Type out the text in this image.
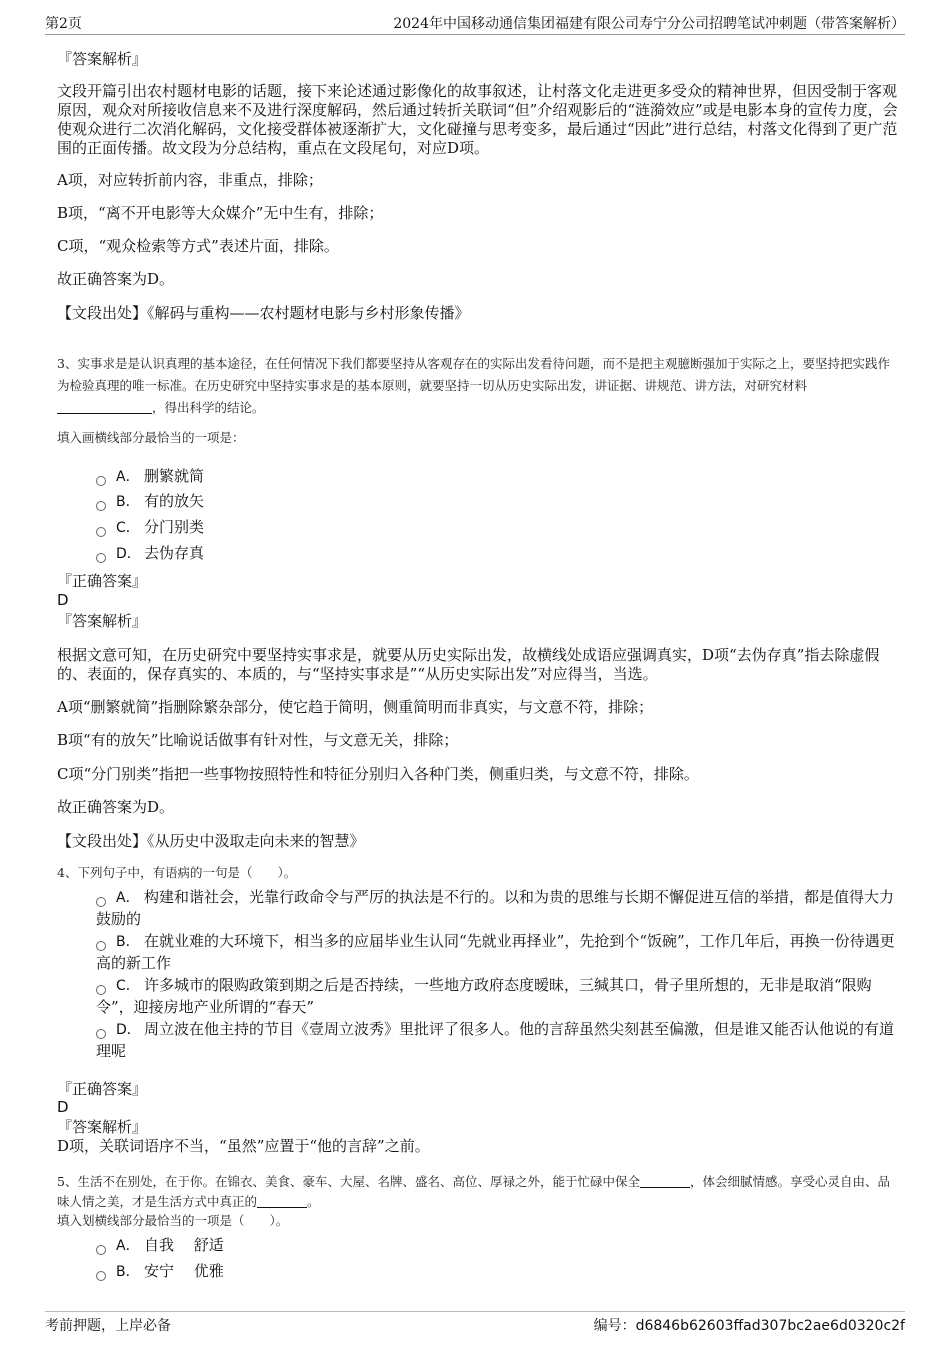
第2页	2024年中国移动通信集团福建有限公司寿宁分公司招聘笔试冲刺题（带答案解析）
『答案解析』

文段开篇引出农村题材电影的话题，接下来论述通过影像化的故事叙述，让村落文化走进更多受众的精神世界，但因受制于客观原因，观众对所接收信息来不及进行深度解码，然后通过转折关联词“但”介绍观影后的“涟漪效应”或是电影本身的宣传力度，会使观众进行二次消化解码，文化接受群体被逐渐扩大，文化碰撞与思考变多，最后通过“因此”进行总结，村落文化得到了更广范围的正面传播。故文段为分总结构，重点在文段尾句，对应D项。

A项，对应转折前内容，非重点，排除；
B项，“离不开电影等大众媒介”无中生有，排除；
C项，“观众检索等方式”表述片面，排除。
故正确答案为D。
【文段出处】《解码与重构——农村题材电影与乡村形象传播》

3、实事求是是认识真理的基本途径，在任何情况下我们都要坚持从客观存在的实际出发看待问题，而不是把主观臆断强加于实际之上，要坚持把实践作为检验真理的唯一标准。在历史研究中坚持实事求是的基本原则，就要坚持一切从历史实际出发，讲证据、讲规范、讲方法，对研究材料，得出科学的结论。

填入画横线部分最恰当的一项是：
A． 删繁就简
B． 有的放矢
C． 分门别类
D． 去伪存真
『正确答案』
D
『答案解析』

根据文意可知，在历史研究中要坚持实事求是，就要从历史实际出发，故横线处成语应强调真实，D项“去伪存真”指去除虚假的、表面的，保存真实的、本质的，与“坚持实事求是”“从历史实际出发”对应得当，当选。

A项“删繁就简”指删除繁杂部分，使它趋于简明，侧重简明而非真实，与文意不符，排除；
B项“有的放矢”比喻说话做事有针对性，与文意无关，排除；
C项“分门别类”指把一些事物按照特性和特征分别归入各种门类，侧重归类，与文意不符，排除。
故正确答案为D。
【文段出处】《从历史中汲取走向未来的智慧》
4、下列句子中，有语病的一句是（　　）。
A． 构建和谐社会，光靠行政命令与严厉的执法是不行的。以和为贵的思维与长期不懈促进互信的举措，都是值得大力鼓励的
B． 在就业难的大环境下，相当多的应届毕业生认同“先就业再择业”，先抢到个“饭碗”，工作几年后，再换一份待遇更高的新工作
C． 许多城市的限购政策到期之后是否持续，一些地方政府态度暧昧，三缄其口，骨子里所想的，无非是取消“限购令”，迎接房地产业所谓的“春天”
D． 周立波在他主持的节目《壹周立波秀》里批评了很多人。他的言辞虽然尖刻甚至偏激，但是谁又能否认他说的有道理呢
『正确答案』
D
『答案解析』
D项，关联词语序不当，“虽然”应置于“他的言辞”之前。

5、生活不在别处，在于你。在锦衣、美食、豪车、大屋、名牌、盛名、高位、厚禄之外，能于忙碌中保全	，体会细腻情感。享受心灵自由、品味人情之美，才是生活方式中真正的	。

填入划横线部分最恰当的一项是（　　）。
A． 自我　 舒适
B． 安宁　 优雅
考前押题，上岸必备	编号：d6846b62603ffad307bc2ae6d0320c2f
